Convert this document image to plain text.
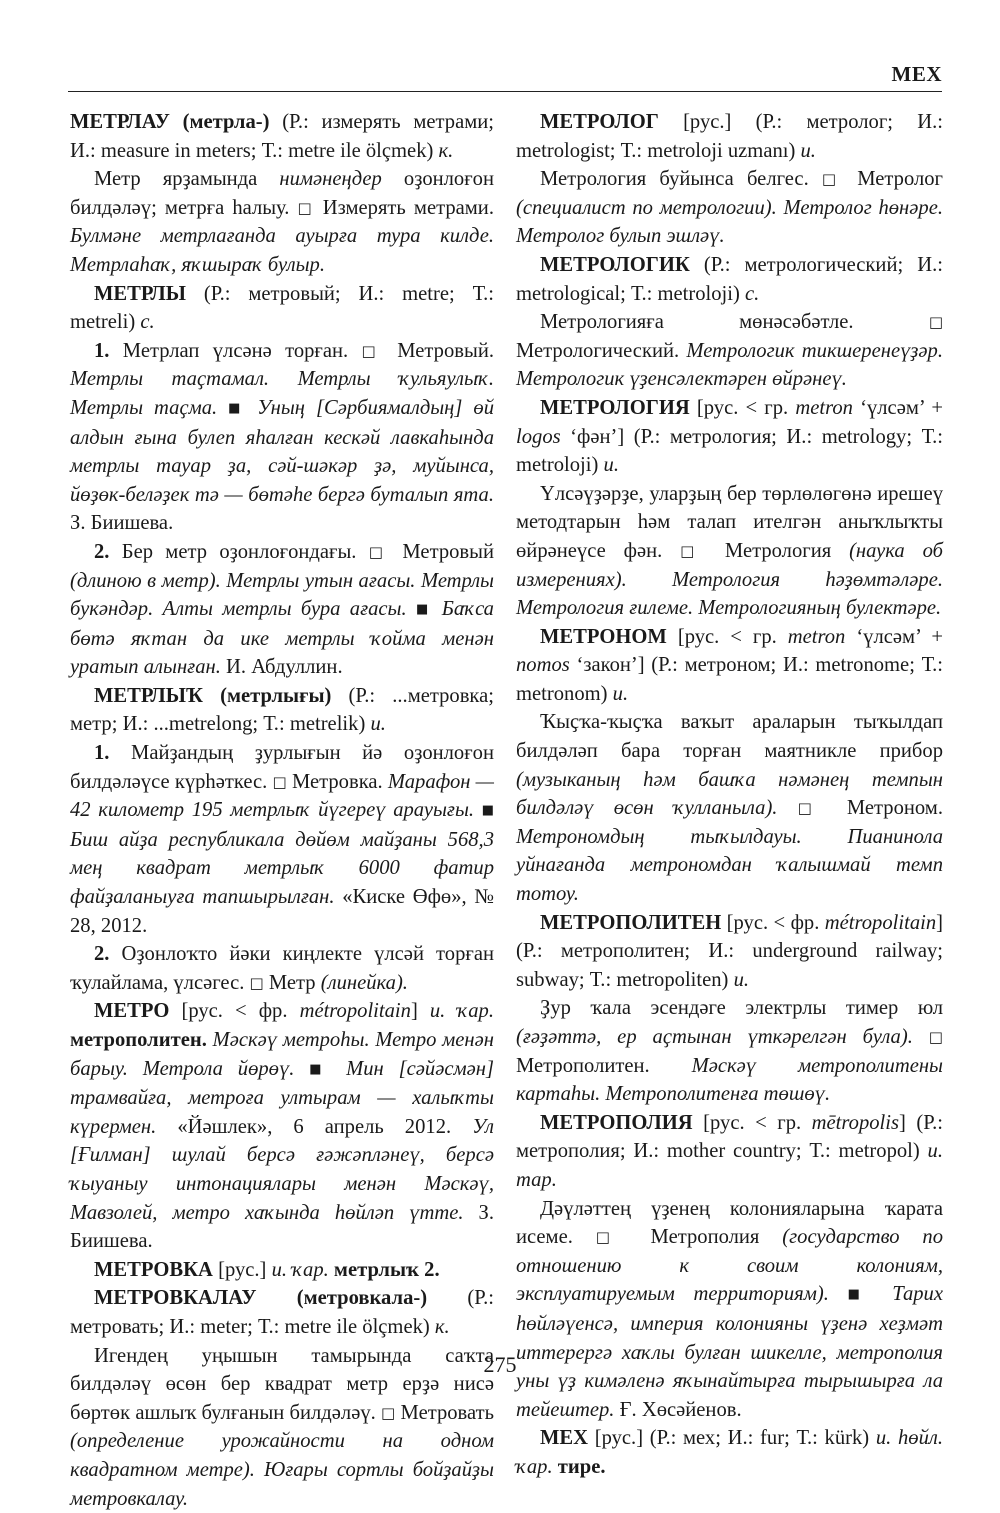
МЕХ

МЕТРЛАУ (метрла-) (Р.: измерять метрами; И.: measure in meters; Т.: metre ile ölçmek) к.

Метр ярҙамында нимәнеңдер оҙонлоғон билдәләү; метрға һалыу. □ Измерять метрами. Булмәне метрлағанда ауырға тура килде. Метрлаһаҡ, яҡшыраҡ булыр.

МЕТРЛЫ (Р.: метровый; И.: metre; Т.: metreli) с.

1. Метрлап үлсәнә торған. □ Метровый. Метрлы таҫтамал. Метрлы ҡульяулыҡ. Метрлы таҫма. ■ Уның [Сәрбиямалдың] өй алдын ғына булеп яһалған кескәй лавкаһында метрлы тауар ҙа, сәй-шәкәр ҙә, муйынса, йөҙөк-беләҙек тә — бөтәһе бергә буталып ята. З. Биишева.

2. Бер метр оҙонлоғондағы. □ Метровый (длиною в метр). Метрлы утын ағасы. Метрлы букәндәр. Алты метрлы бура ағасы. ■ Баҡса бөтә яҡтан да ике метрлы ҡойма менән уратып алынған. И. Абдуллин.

МЕТРЛЫҠ (метрлығы) (Р.: ...метровка; метр; И.: ...metrelong; Т.: metrelik) и.

1. Майҙандың ҙурлығын йә оҙонлоғон билдәләүсе күрһәткес. □ Метровка. Марафон — 42 километр 195 метрлыҡ йүгереү арауығы. ■ Биш айҙа республикала дөйөм майҙаны 568,3 мең квадрат метрлыҡ 6000 фатир файҙаланыуға тапшырылған. «Киске Өфө», № 28, 2012.

2. Оҙонлоҡто йәки киңлекте үлсәй торған ҡулайлама, үлсәгес. □ Метр (линейка).

МЕТРО [рус. < фр. métropolitain] и. ҡар. метрополитен. Мәскәү метроһы. Метро менән барыу. Метрола йөрөү. ■ Мин [сәйәсмән] трамвайға, метроға ултырам — халыҡты күрермен. «Йәшлек», 6 апрель 2012. Ул [Ғилман] шулай берсә ғәжәпләнеү, берсә ҡыуаныу интонациялары менән Мәскәү, Мавзолей, метро хаҡында һөйләп үтте. З. Биишева.

МЕТРОВКА [рус.] и. ҡар. метрлыҡ 2.

МЕТРОВКАЛАУ (метровкала-) (Р.: метровать; И.: meter; Т.: metre ile ölçmek) к.

Игендең уңышын тамырында саҡта билдәләү өсөн бер квадрат метр ерҙә нисә бөртөк ашлыҡ булғанын билдәләү. □ Метровать (определение урожайности на одном квадратном метре). Юғары сортлы бойҙайҙы метровкалау.

МЕТРОЛОГ [рус.] (Р.: метролог; И.: metrologist; Т.: metroloji uzmanı) и.

Метрология буйынса белгес. □ Метролог (специалист по метрологии). Метролог һөнәре. Метролог булып эшләү.

МЕТРОЛОГИК (Р.: метрологический; И.: metrological; Т.: metroloji) с.

Метрологияға мөнәсәбәтле. □ Метрологический. Метрологик тикшеренеүҙәр. Метрологик үҙенсәлектәрен өйрәнеү.

МЕТРОЛОГИЯ [рус. < гр. metron ‘үлсәм’ + logos ‘фән’] (Р.: метрология; И.: metrology; Т.: metroloji) и.

Үлсәүҙәрҙе, уларҙың бер төрлөлөгөнә ирешеү методтарын һәм талап ителгән аныҡлыҡты өйрәнеүсе фән. □ Метрология (наука об измерениях). Метрология һәҙөмтәләре. Метрология ғилеме. Метрологияның булектәре.

МЕТРОНОМ [рус. < гр. metron ‘үлсәм’ + nomos ‘закон’] (Р.: метроном; И.: metronome; Т.: metronom) и.

Ҡыҫҡа-ҡыҫҡа ваҡыт араларын тыҡылдап билдәләп бара торған маятникле прибор (музыканың һәм башҡа нәмәнең темпын билдәләү өсөн ҡулланыла). □ Метроном. Метрономдың тыҡылдауы. Пианинола уйнағанда метрономдан ҡалышмай темп тотоу.

МЕТРОПОЛИТЕН [рус. < фр. métropolitain] (Р.: метрополитен; И.: underground railway; subway; Т.: metropoliten) и.

Ҙур ҡала эсендәге электрлы тимер юл (ғәҙәттә, ер аҫтынан үткәрелгән була). □ Метрополитен. Мәскәү метрополитены картаһы. Метрополитенға төшөү.

МЕТРОПОЛИЯ [рус. < гр. mētropolis] (Р.: метрополия; И.: mother country; Т.: metropol) и. тар.

Дәүләттең үҙенең колонияларына ҡарата исеме. □ Метрополия (государство по отношению к своим колониям, эксплуатируемым территориям). ■ Тарих һөйләүенсә, империя колонияны үҙенә хеҙмәт иттерергә хаҡлы булған шикелле, метрополия уны үҙ кимәленә яҡынайтырға тырышырға ла тейештер. Ғ. Хөсәйенов.

МЕХ [рус.] (Р.: мех; И.: fur; Т.: kürk) и. һөйл. ҡар. тире.

275
